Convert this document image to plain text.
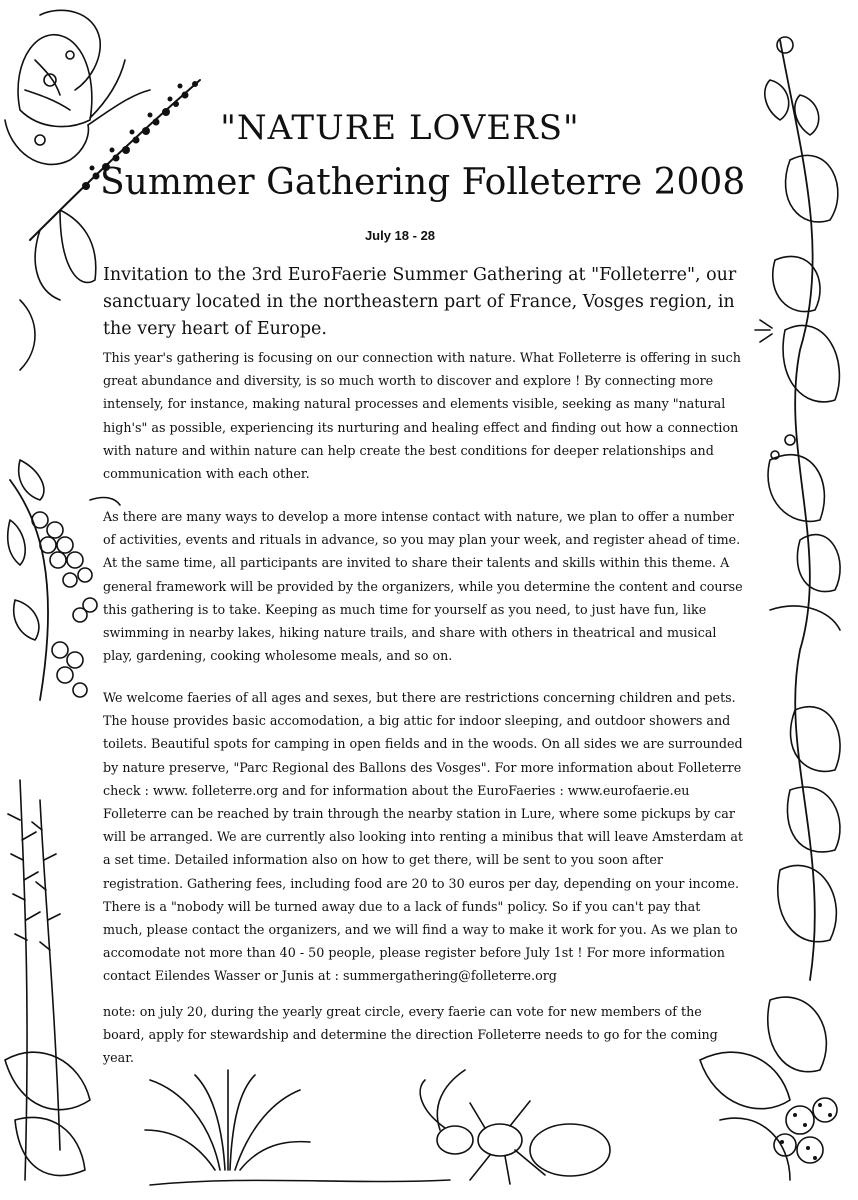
"NATURE LOVERS"
Summer Gathering Folleterre 2008
July 18 - 28
Invitation to the 3rd EuroFaerie Summer Gathering at "Folleterre", our sanctuary located in the northeastern part of France, Vosges region, in the very heart of Europe.
This year's gathering is focusing on our connection with nature. What Folleterre is offering in such great abundance and diversity, is so much worth to discover and explore ! By connecting more intensely, for instance, making natural processes and elements visible, seeking as many "natural high's" as possible, experiencing its nurturing and healing effect and finding out how a connection with nature and within nature can help create the best conditions for deeper relationships and communication with each other.
As there are many ways to develop a more intense contact with nature, we plan to offer a number of activities, events and rituals in advance, so you may plan your week, and register ahead of time. At the same time, all participants are invited to share their talents and skills within this theme. A general framework will be provided by the organizers, while you determine the content and course this gathering is to take. Keeping as much time for yourself as you need, to just have fun, like swimming in nearby lakes, hiking nature trails, and share with others in theatrical and musical play, gardening, cooking wholesome meals, and so on.
We welcome faeries of all ages and sexes, but there are restrictions concerning children and pets. The house provides basic accomodation, a big attic for indoor sleeping, and outdoor showers and toilets. Beautiful spots for camping in open fields and in the woods. On all sides we are surrounded by nature preserve, "Parc Regional des Ballons des Vosges". For more information about Folleterre check : www. folleterre.org and for information about the EuroFaeries : www.eurofaerie.eu Folleterre can be reached by train through the nearby station in Lure, where some pickups by car will be arranged. We are currently also looking into renting a minibus that will leave Amsterdam at a set time. Detailed information also on how to get there, will be sent to you soon after registration. Gathering fees, including food are 20 to 30 euros per day, depending on your income. There is a "nobody will be turned away due to a lack of funds" policy. So if you can't pay that much, please contact the organizers, and we will find a way to make it work for you. As we plan to accomodate not more than 40 - 50 people, please register before July 1st ! For more information contact Eilendes Wasser or Junis at : summergathering@folleterre.org
note: on july 20, during the yearly great circle, every faerie can vote for new members of the board, apply for stewardship and determine the direction Folleterre needs to go for the coming year.
